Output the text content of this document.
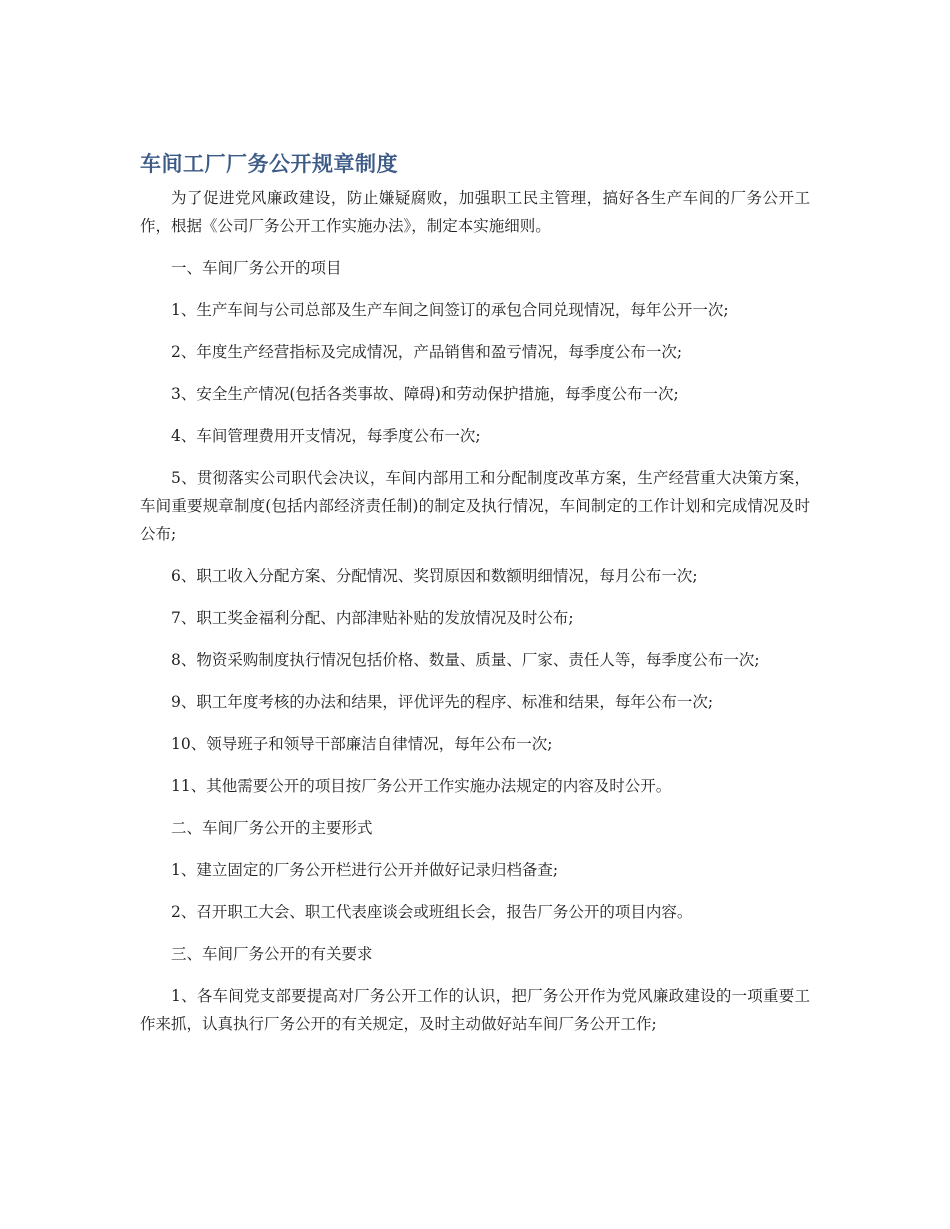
车间工厂厂务公开规章制度

为了促进党风廉政建设，防止嫌疑腐败，加强职工民主管理，搞好各生产车间的厂务公开工作，根据《公司厂务公开工作实施办法》，制定本实施细则。

一、车间厂务公开的项目

1、生产车间与公司总部及生产车间之间签订的承包合同兑现情况，每年公开一次;

2、年度生产经营指标及完成情况，产品销售和盈亏情况，每季度公布一次;

3、安全生产情况(包括各类事故、障碍)和劳动保护措施，每季度公布一次;

4、车间管理费用开支情况，每季度公布一次;

5、贯彻落实公司职代会决议，车间内部用工和分配制度改革方案，生产经营重大决策方案，车间重要规章制度(包括内部经济责任制)的制定及执行情况，车间制定的工作计划和完成情况及时公布;

6、职工收入分配方案、分配情况、奖罚原因和数额明细情况，每月公布一次;

7、职工奖金福利分配、内部津贴补贴的发放情况及时公布;

8、物资采购制度执行情况包括价格、数量、质量、厂家、责任人等，每季度公布一次;

9、职工年度考核的办法和结果，评优评先的程序、标准和结果，每年公布一次;

10、领导班子和领导干部廉洁自律情况，每年公布一次;

11、其他需要公开的项目按厂务公开工作实施办法规定的内容及时公开。

二、车间厂务公开的主要形式

1、建立固定的厂务公开栏进行公开并做好记录归档备查;

2、召开职工大会、职工代表座谈会或班组长会，报告厂务公开的项目内容。

三、车间厂务公开的有关要求

1、各车间党支部要提高对厂务公开工作的认识，把厂务公开作为党风廉政建设的一项重要工作来抓，认真执行厂务公开的有关规定，及时主动做好站车间厂务公开工作;
